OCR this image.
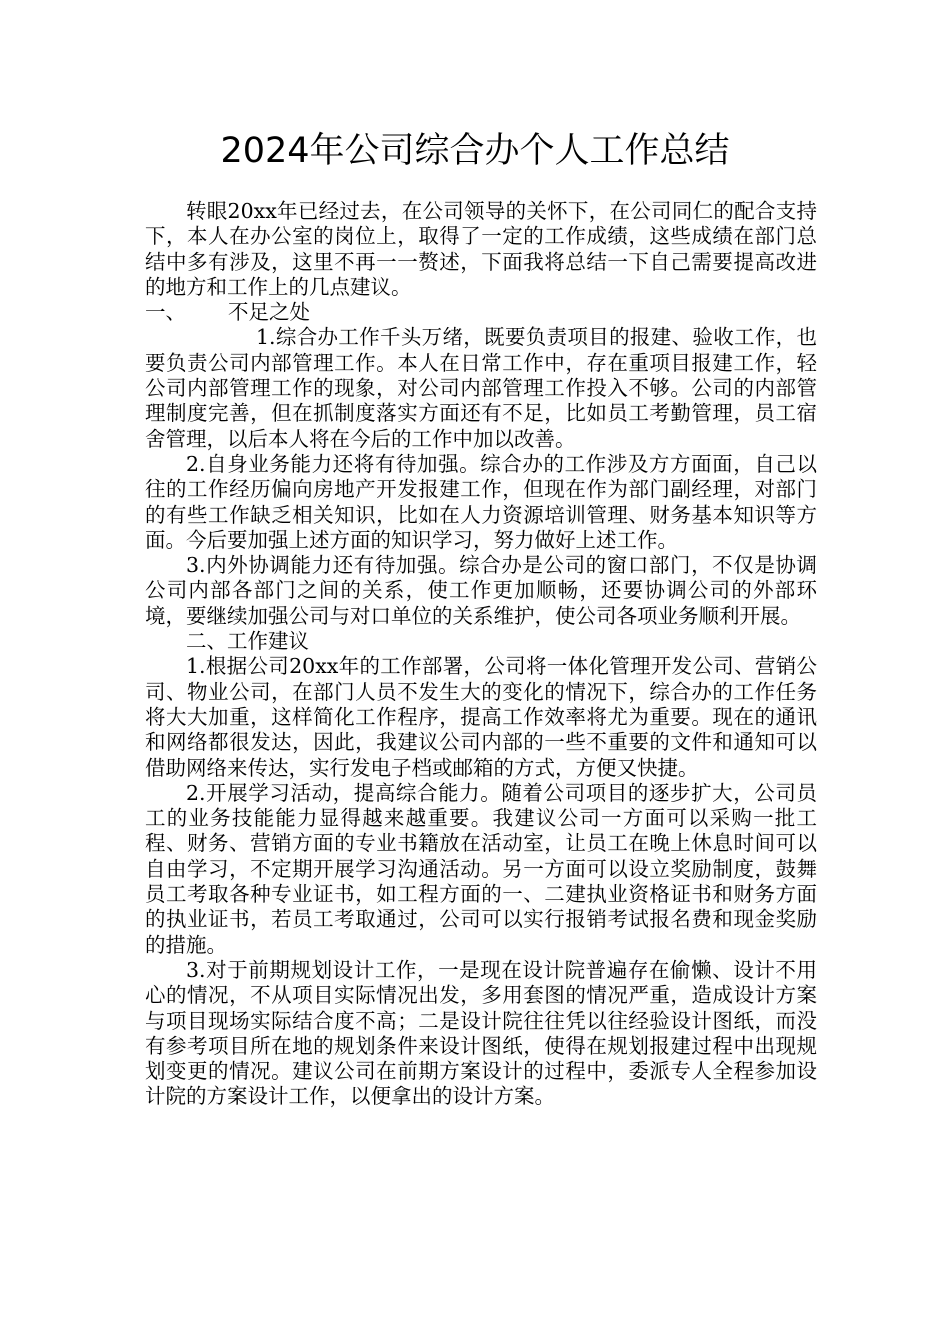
2024年公司综合办个人工作总结

转眼20xx年已经过去，在公司领导的关怀下，在公司同仁的配合支持下，本人在办公室的岗位上，取得了一定的工作成绩，这些成绩在部门总结中多有涉及，这里不再一一赘述，下面我将总结一下自己需要提高改进的地方和工作上的几点建议。

一、 不足之处

1.综合办工作千头万绪，既要负责项目的报建、验收工作，也要负责公司内部管理工作。本人在日常工作中，存在重项目报建工作，轻公司内部管理工作的现象，对公司内部管理工作投入不够。公司的内部管理制度完善，但在抓制度落实方面还有不足，比如员工考勤管理，员工宿舍管理，以后本人将在今后的工作中加以改善。

2.自身业务能力还将有待加强。综合办的工作涉及方方面面，自己以往的工作经历偏向房地产开发报建工作，但现在作为部门副经理，对部门的有些工作缺乏相关知识，比如在人力资源培训管理、财务基本知识等方面。今后要加强上述方面的知识学习，努力做好上述工作。

3.内外协调能力还有待加强。综合办是公司的窗口部门，不仅是协调公司内部各部门之间的关系，使工作更加顺畅，还要协调公司的外部环境，要继续加强公司与对口单位的关系维护，使公司各项业务顺利开展。

二、工作建议

1.根据公司20xx年的工作部署，公司将一体化管理开发公司、营销公司、物业公司，在部门人员不发生大的变化的情况下，综合办的工作任务将大大加重，这样简化工作程序，提高工作效率将尤为重要。现在的通讯和网络都很发达，因此，我建议公司内部的一些不重要的文件和通知可以借助网络来传达，实行发电子档或邮箱的方式，方便又快捷。

2.开展学习活动，提高综合能力。随着公司项目的逐步扩大，公司员工的业务技能能力显得越来越重要。我建议公司一方面可以采购一批工程、财务、营销方面的专业书籍放在活动室，让员工在晚上休息时间可以自由学习，不定期开展学习沟通活动。另一方面可以设立奖励制度，鼓舞员工考取各种专业证书，如工程方面的一、二建执业资格证书和财务方面的执业证书，若员工考取通过，公司可以实行报销考试报名费和现金奖励的措施。

3.对于前期规划设计工作，一是现在设计院普遍存在偷懒、设计不用心的情况，不从项目实际情况出发，多用套图的情况严重，造成设计方案与项目现场实际结合度不高；二是设计院往往凭以往经验设计图纸，而没有参考项目所在地的规划条件来设计图纸，使得在规划报建过程中出现规划变更的情况。建议公司在前期方案设计的过程中，委派专人全程参加设计院的方案设计工作，以便拿出的设计方案。
